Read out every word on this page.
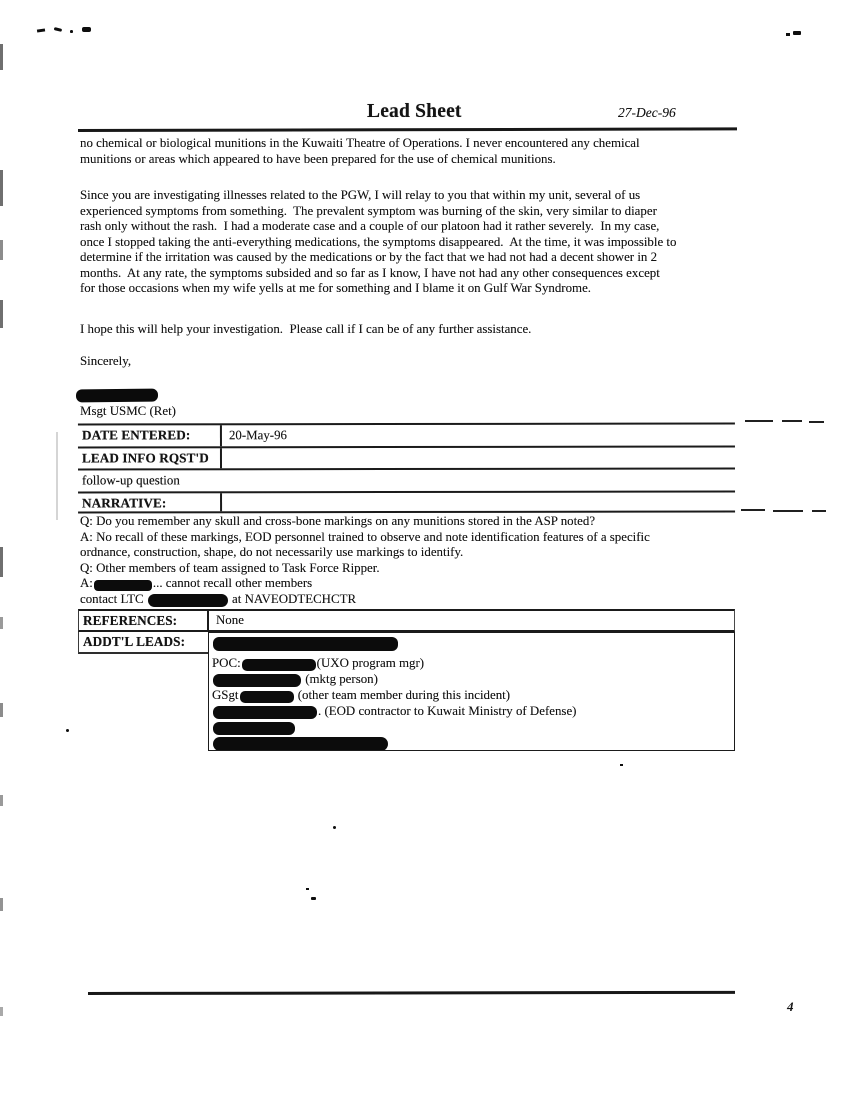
Lead Sheet	27-Dec-96
no chemical or biological munitions in the Kuwaiti Theatre of Operations. I never encountered any chemical
munitions or areas which appeared to have been prepared for the use of chemical munitions.
Since you are investigating illnesses related to the PGW, I will relay to you that within my unit, several of us
experienced symptoms from something.  The prevalent symptom was burning of the skin, very similar to diaper
rash only without the rash.  I had a moderate case and a couple of our platoon had it rather severely.  In my case,
once I stopped taking the anti-everything medications, the symptoms disappeared.  At the time, it was impossible to
determine if the irritation was caused by the medications or by the fact that we had not had a decent shower in 2
months.  At any rate, the symptoms subsided and so far as I know, I have not had any other consequences except
for those occasions when my wife yells at me for something and I blame it on Gulf War Syndrome.
I hope this will help your investigation.  Please call if I can be of any further assistance.
Sincerely,
Msgt USMC (Ret)
DATE ENTERED:	20-May-96
LEAD INFO RQST'D
follow-up question
NARRATIVE:
Q: Do you remember any skull and cross-bone markings on any munitions stored in the ASP noted?
A: No recall of these markings, EOD personnel trained to observe and note identification features of a specific
ordnance, construction, shape, do not necessarily use markings to identify.
Q: Other members of team assigned to Task Force Ripper.
A:	... cannot recall other members
contact LTC	at NAVEODTECHCTR
REFERENCES:	None
ADDT'L LEADS:
POC:	(UXO program mgr)
(mktg person)
GSgt	(other team member during this incident)
. (EOD contractor to Kuwait Ministry of Defense)
4
